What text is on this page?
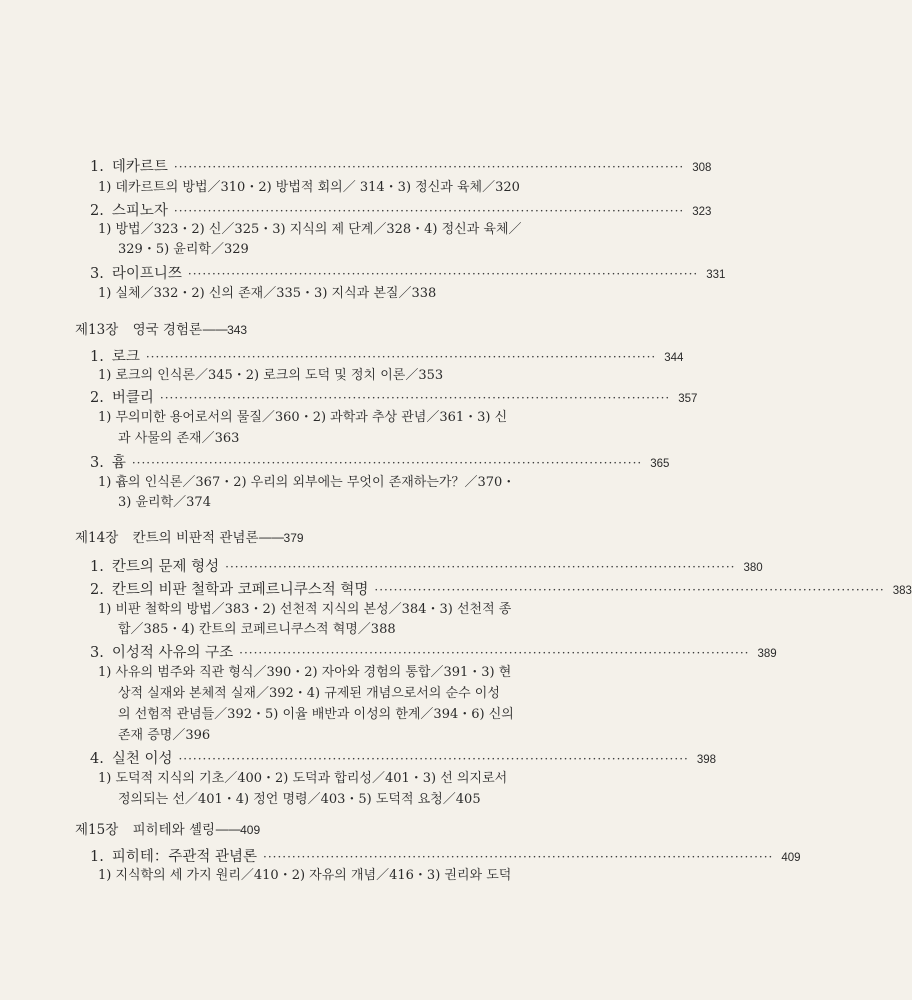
1. 데카르트 ·········································································································· 308
1) 데카르트의 방법／310・2) 방법적 회의／ 314・3) 정신과 육체／320
2. 스피노자 ·········································································································· 323
1) 방법／323・2) 신／325・3) 지식의 제 단계／328・4) 정신과 육체／
329・5) 윤리학／329
3. 라이프니쯔 ·········································································································· 331
1) 실체／332・2) 신의 존재／335・3) 지식과 본질／338
제13장 영국 경험론——343
1. 로크 ·········································································································· 344
1) 로크의 인식론／345・2) 로크의 도덕 및 정치 이론／353
2. 버클리 ·········································································································· 357
1) 무의미한 용어로서의 물질／360・2) 과학과 추상 관념／361・3) 신
과 사물의 존재／363
3. 흄 ·········································································································· 365
1) 흄의 인식론／367・2) 우리의 외부에는 무엇이 존재하는가？／370・
3) 윤리학／374
제14장 칸트의 비판적 관념론——379
1. 칸트의 문제 형성 ·········································································································· 380
2. 칸트의 비판 철학과 코페르니쿠스적 혁명 ·········································································································· 383
1) 비판 철학의 방법／383・2) 선천적 지식의 본성／384・3) 선천적 종
합／385・4) 칸트의 코페르니쿠스적 혁명／388
3. 이성적 사유의 구조 ·········································································································· 389
1) 사유의 범주와 직관 형식／390・2) 자아와 경험의 통합／391・3) 현
상적 실재와 본체적 실재／392・4) 규제된 개념으로서의 순수 이성
의 선험적 관념들／392・5) 이율 배반과 이성의 한계／394・6) 신의
존재 증명／396
4. 실천 이성 ·········································································································· 398
1) 도덕적 지식의 기초／400・2) 도덕과 합리성／401・3) 선 의지로서
정의되는 선／401・4) 정언 명령／403・5) 도덕적 요청／405
제15장 피히테와 셸링——409
1. 피히테：주관적 관념론 ·········································································································· 409
1) 지식학의 세 가지 원리／410・2) 자유의 개념／416・3) 권리와 도덕
